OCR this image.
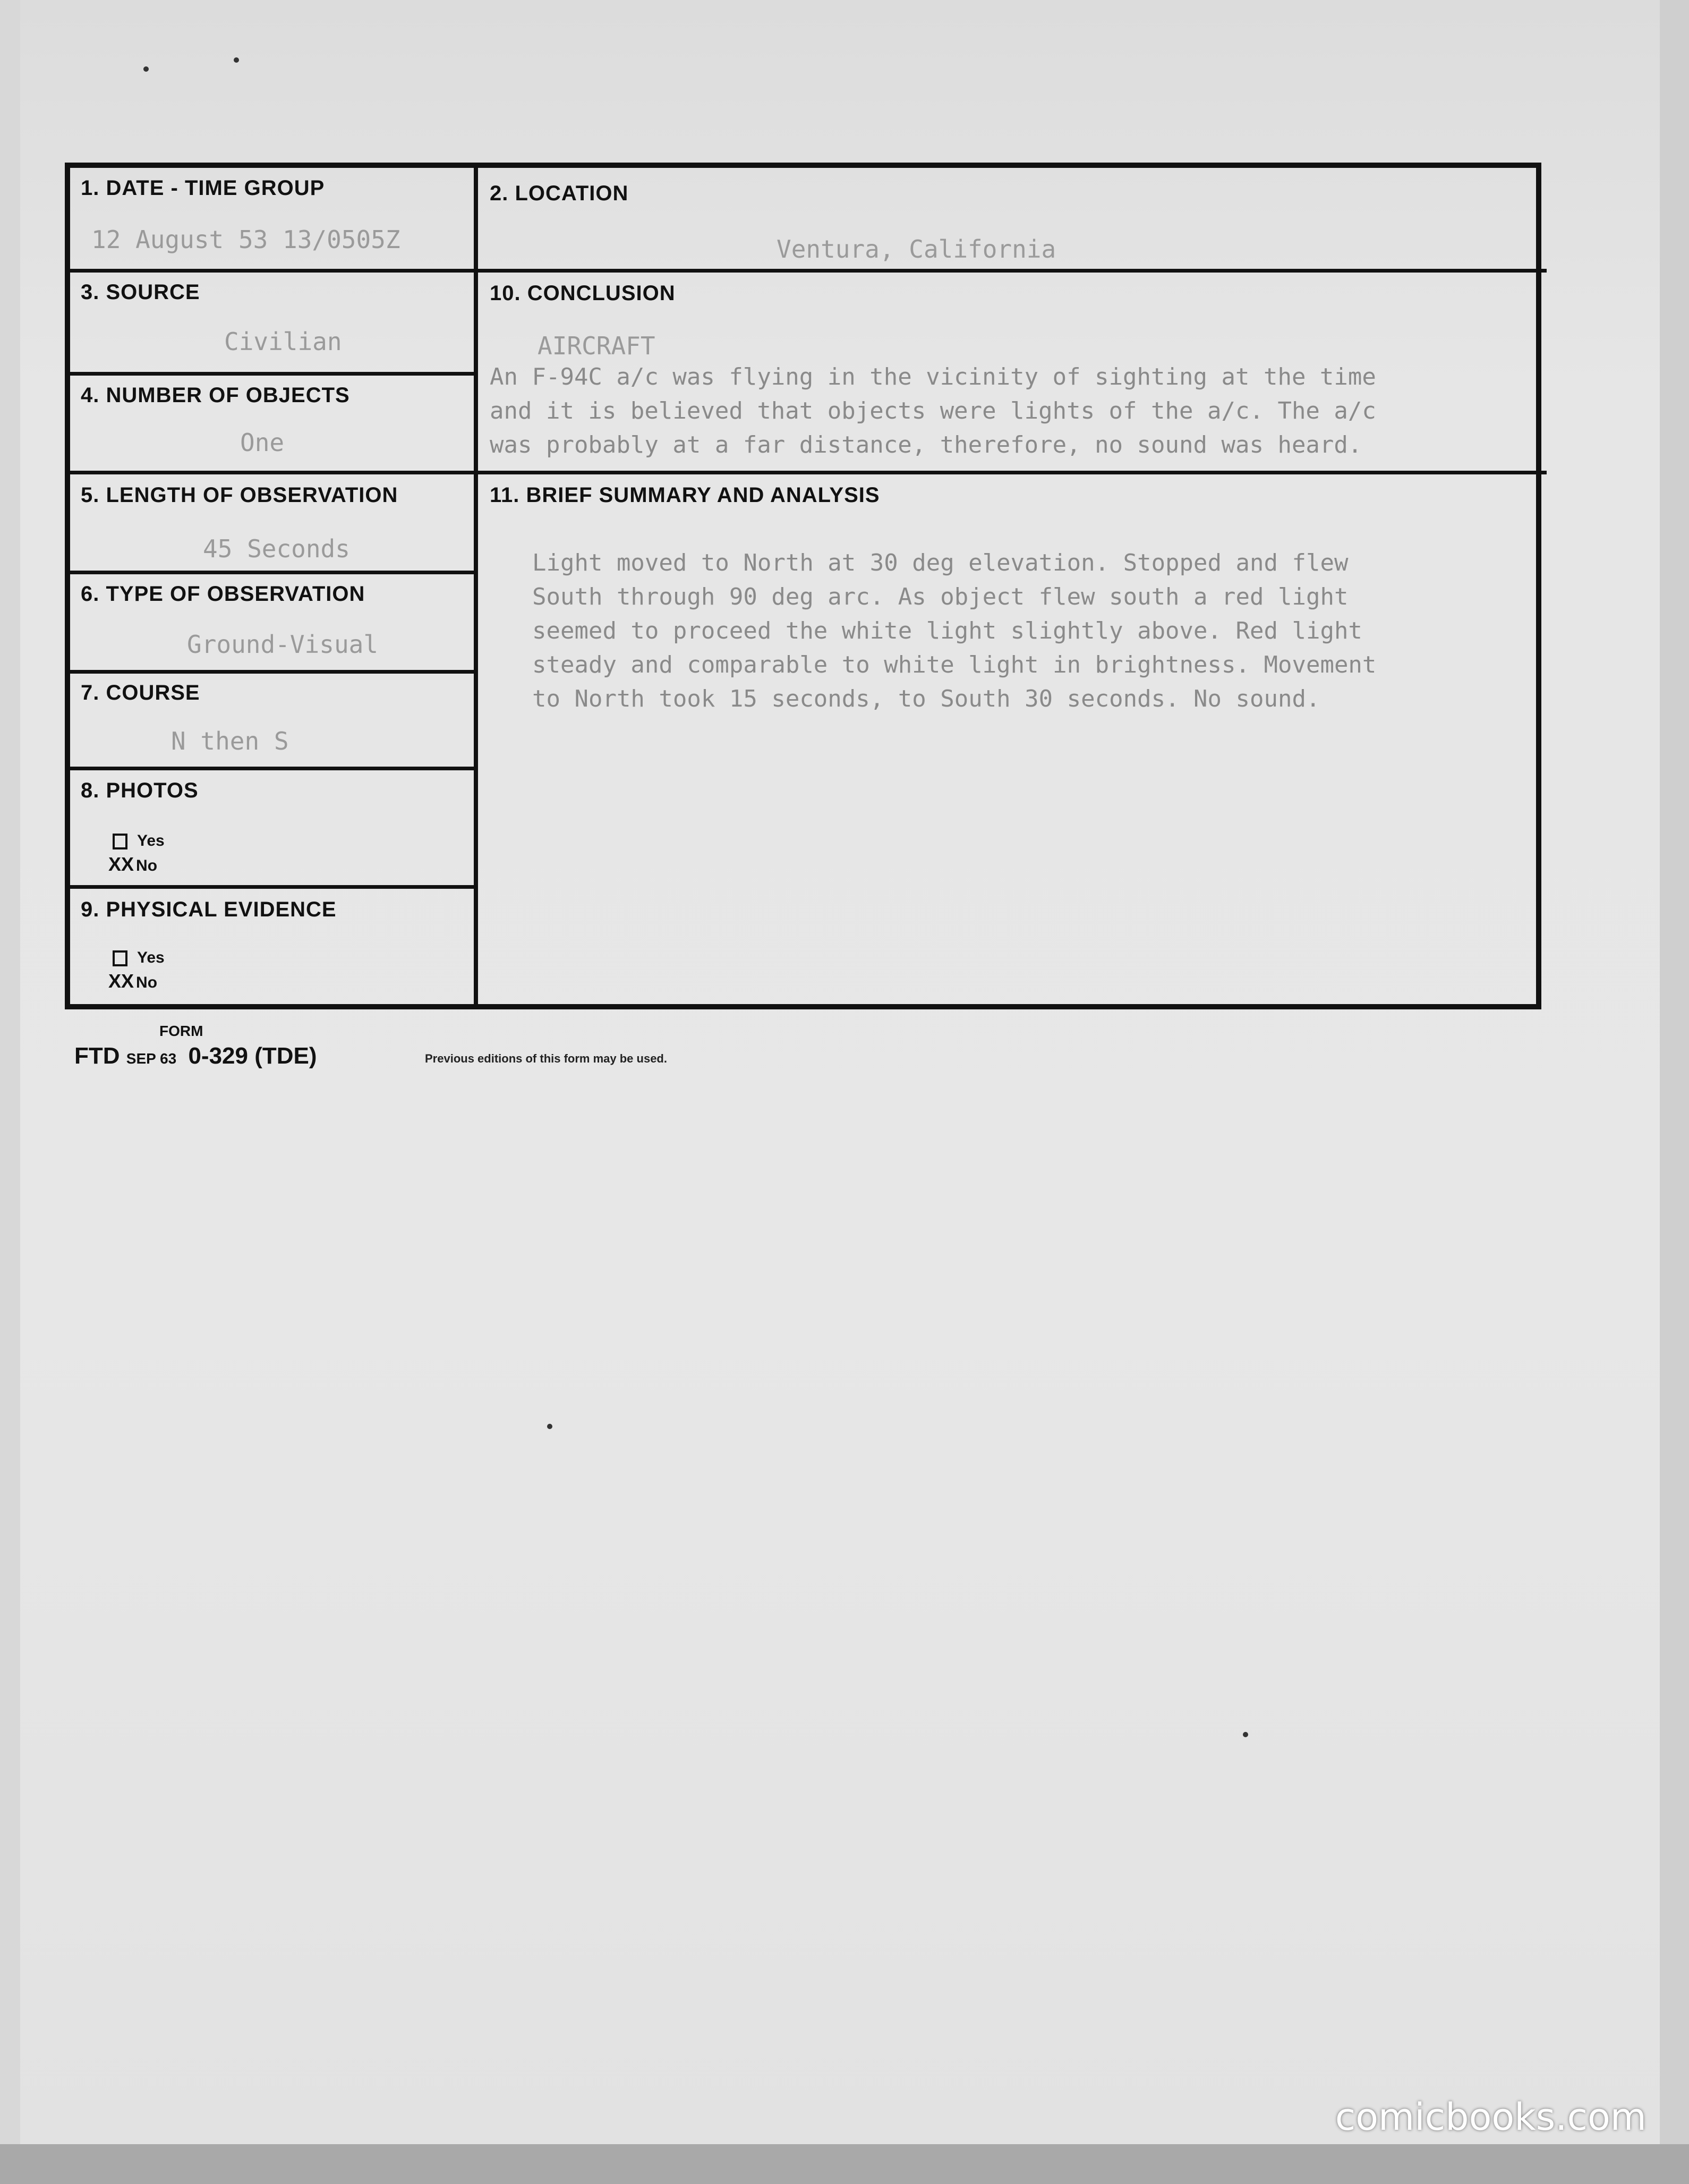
1. DATE - TIME GROUP
12 August 53 13/0505Z
2. LOCATION
Ventura, California
3. SOURCE
Civilian
10. CONCLUSION
AIRCRAFT
An F-94C a/c was flying in the vicinity of sighting at the time
and it is believed that objects were lights of the a/c. The a/c
was probably at a far distance, therefore, no sound was heard.
4. NUMBER OF OBJECTS
One
5. LENGTH OF OBSERVATION
45 Seconds
11. BRIEF SUMMARY AND ANALYSIS
Light moved to North at 30 deg elevation. Stopped and flew
South through 90 deg arc. As object flew south a red light
seemed to proceed the white light slightly above. Red light
steady and comparable to white light in brightness. Movement
to North took 15 seconds, to South 30 seconds. No sound.
6. TYPE OF OBSERVATION
Ground-Visual
7. COURSE
N then S
8. PHOTOS
Yes
XX No
9. PHYSICAL EVIDENCE
Yes
XX No
FORM
FTD SEP 63 0-329 (TDE)	Previous editions of this form may be used.
comicbooks.com
